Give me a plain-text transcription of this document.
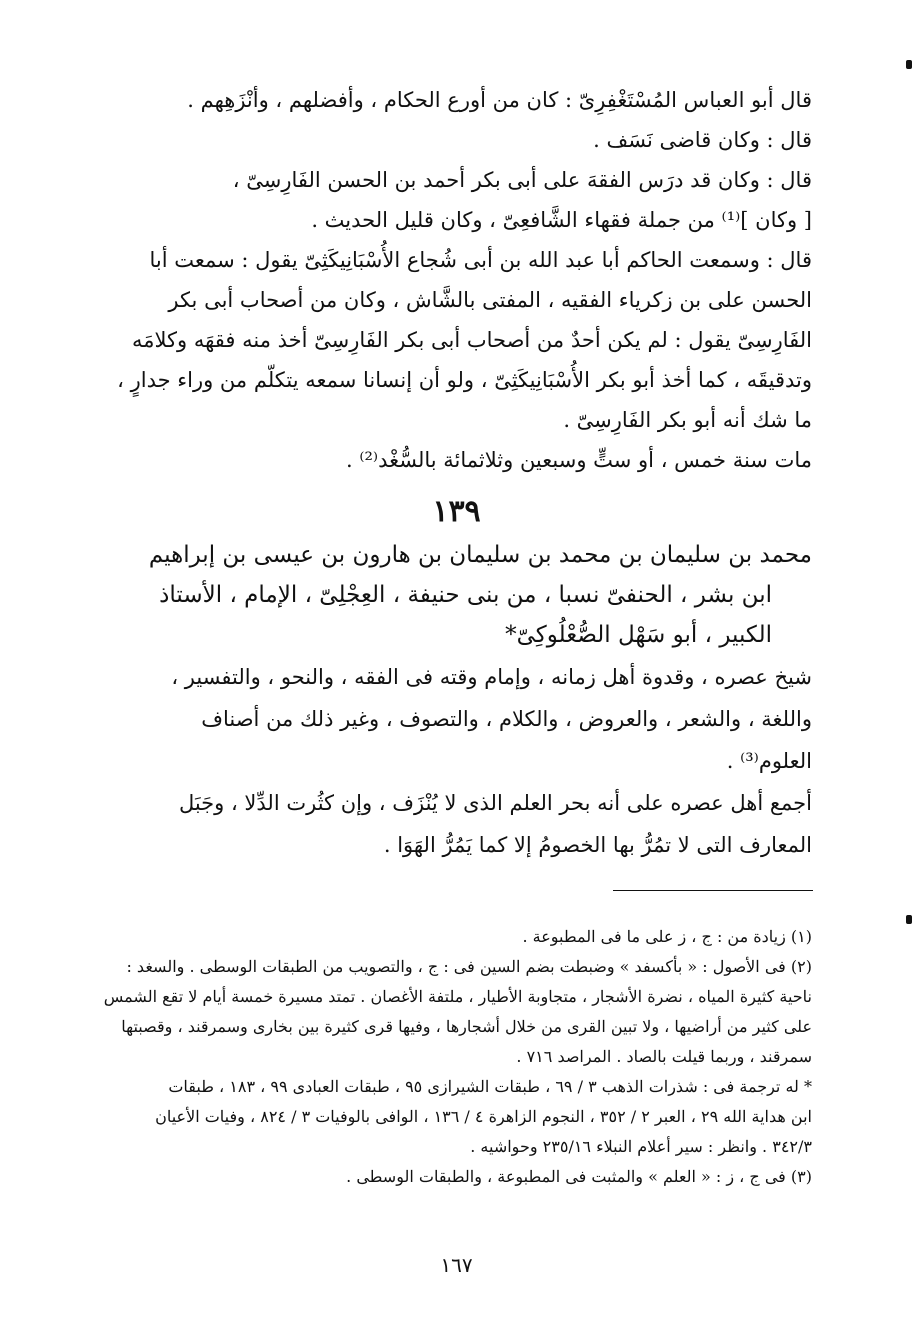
قال أبو العباس المُسْتَغْفِرِىّ : كان من أورع الحكام ، وأفضلهم ، وأنْزَهِهم .
قال : وكان قاضى نَسَف .
قال : وكان قد درَس الفقهَ على أبى بكر أحمد بن الحسن الفَارِسِىّ ،
[ وكان ]⁽¹⁾ من جملة فقهاء الشَّافعِىّ ، وكان قليل الحديث .
قال : وسمعت الحاكم أبا عبد الله بن أبى شُجاع الأُسْبَانِيكَثِىّ يقول : سمعت أبا
الحسن على بن زكرياء الفقيه ، المفتى بالشَّاش ، وكان من أصحاب أبى بكر
الفَارِسِىّ يقول : لم يكن أحدٌ من أصحاب أبى بكر الفَارِسِىّ أخذ منه فقهَه وكلامَه
وتدقيقَه ، كما أخذ أبو بكر الأُسْبَانِيكَثِىّ ، ولو أن إنسانا سمعه يتكلّم من وراء جدارٍ ،
ما شك أنه أبو بكر الفَارِسِىّ .
مات سنة خمس ، أو ستٍّ وسبعين وثلاثمائة بالسُّغْد⁽²⁾ .
١٣٩
محمد بن سليمان بن محمد بن سليمان بن هارون بن عيسى بن إبراهيم
ابن بشر ، الحنفىّ نسبا ، من بنى حنيفة ، العِجْلِىّ ، الإمام ، الأستاذ
الكبير ، أبو سَهْل الصُّعْلُوكِىّ*
شيخ عصره ، وقدوة أهل زمانه ، وإمام وقته فى الفقه ، والنحو ، والتفسير ،
واللغة ، والشعر ، والعروض ، والكلام ، والتصوف ، وغير ذلك من أصناف
العلوم⁽³⁾ .
أجمع أهل عصره على أنه بحر العلم الذى لا يُنْزَف ، وإن كثُرت الدِّلا ، وجَبَل
المعارف التى لا تمُرُّ بها الخصومُ إلا كما يَمُرُّ الهَوَا .
(١) زيادة من : ج ، ز على ما فى المطبوعة .
(٢) فى الأصول : « بأكسفد » وضبطت بضم السين فى : ج ، والتصويب من الطبقات الوسطى . والسغد :
ناحية كثيرة المياه ، نضرة الأشجار ، متجاوبة الأطيار ، ملتفة الأغصان . تمتد مسيرة خمسة أيام لا تقع الشمس
على كثير من أراضيها ، ولا تبين القرى من خلال أشجارها ، وفيها قرى كثيرة بين بخارى وسمرقند ، وقصبتها
سمرقند ، وربما قيلت بالصاد . المراصد ٧١٦ .
* له ترجمة فى : شذرات الذهب ٣ / ٦٩ ، طبقات الشيرازى ٩٥ ، طبقات العبادى ٩٩ ، ١٨٣ ، طبقات
ابن هداية الله ٢٩ ، العبر ٢ / ٣٥٢ ، النجوم الزاهرة ٤ / ١٣٦ ، الوافى بالوفيات ٣ / ٨٢٤ ، وفيات الأعيان
٣٤٢/٣ . وانظر : سير أعلام النبلاء ٢٣٥/١٦ وحواشيه .
(٣) فى ج ، ز : « العلم » والمثبت فى المطبوعة ، والطبقات الوسطى .
١٦٧
